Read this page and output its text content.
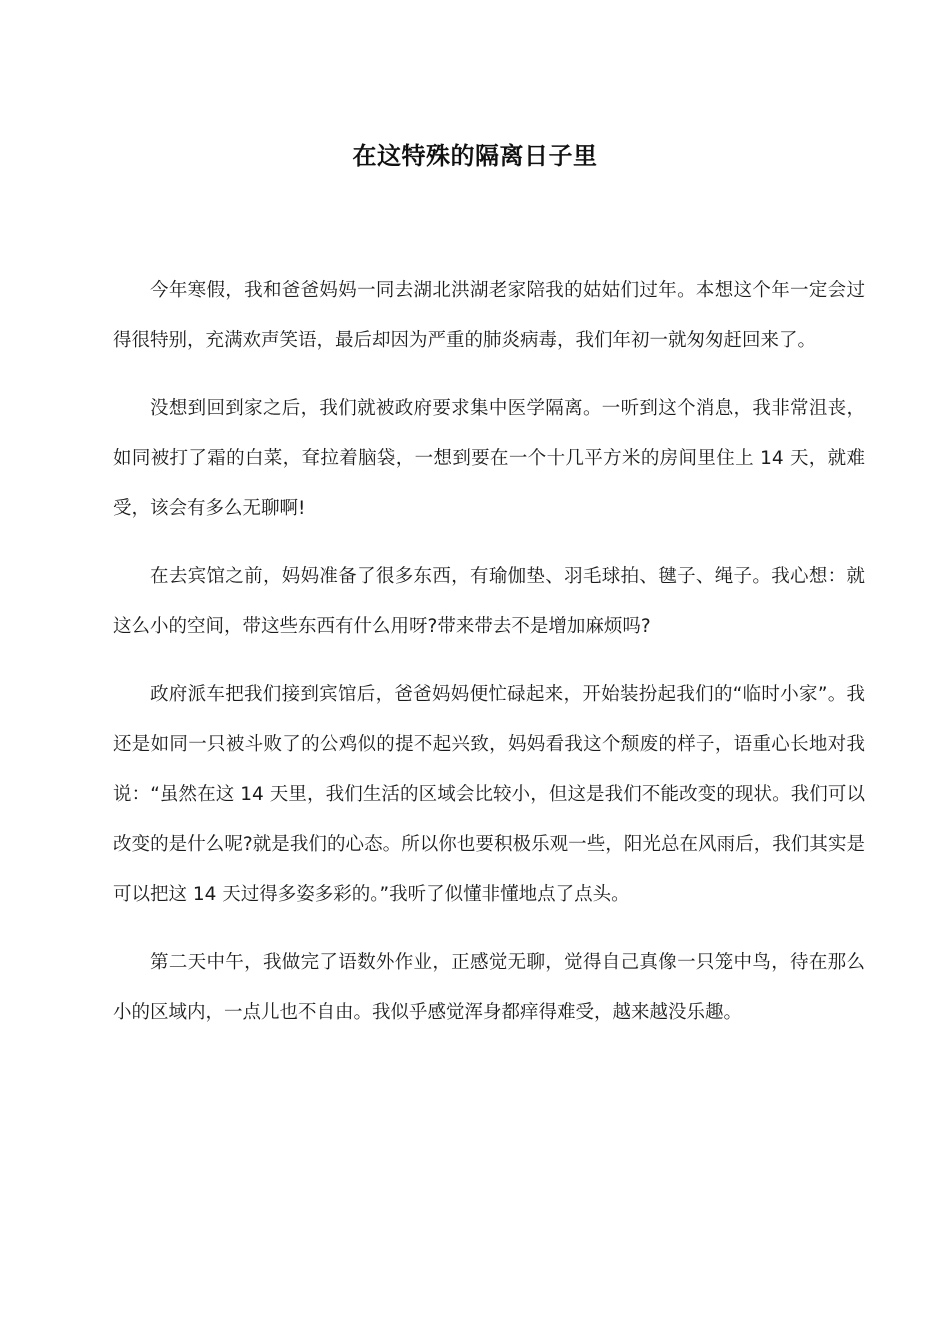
在这特殊的隔离日子里

今年寒假，我和爸爸妈妈一同去湖北洪湖老家陪我的姑姑们过年。本想这个年一定会过得很特别，充满欢声笑语，最后却因为严重的肺炎病毒，我们年初一就匆匆赶回来了。

没想到回到家之后，我们就被政府要求集中医学隔离。一听到这个消息，我非常沮丧，如同被打了霜的白菜，耷拉着脑袋，一想到要在一个十几平方米的房间里住上 14 天，就难受，该会有多么无聊啊!

在去宾馆之前，妈妈准备了很多东西，有瑜伽垫、羽毛球拍、毽子、绳子。我心想：就这么小的空间，带这些东西有什么用呀?带来带去不是增加麻烦吗?

政府派车把我们接到宾馆后，爸爸妈妈便忙碌起来，开始装扮起我们的“临时小家”。我还是如同一只被斗败了的公鸡似的提不起兴致，妈妈看我这个颓废的样子，语重心长地对我说：“虽然在这 14 天里，我们生活的区域会比较小，但这是我们不能改变的现状。我们可以改变的是什么呢?就是我们的心态。所以你也要积极乐观一些，阳光总在风雨后，我们其实是可以把这 14 天过得多姿多彩的。”我听了似懂非懂地点了点头。

第二天中午，我做完了语数外作业，正感觉无聊，觉得自己真像一只笼中鸟，待在那么小的区域内，一点儿也不自由。我似乎感觉浑身都痒得难受，越来越没乐趣。
